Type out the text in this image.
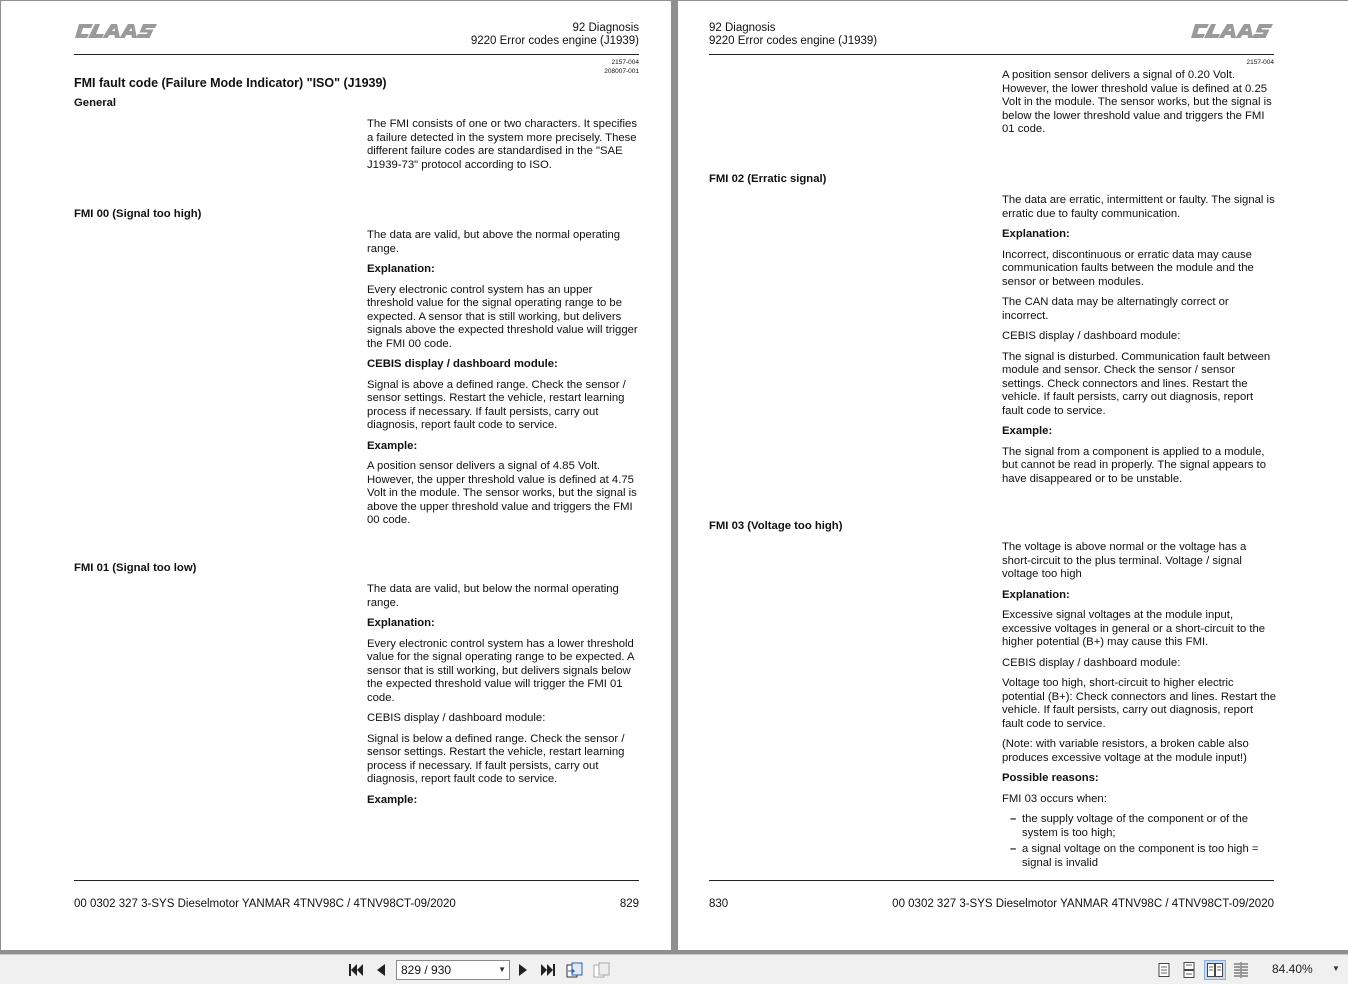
92 Diagnosis
9220 Error codes engine (J1939)
2157-004
208007-001
FMI fault code (Failure Mode Indicator) "ISO" (J1939)
General

The FMI consists of one or two characters. It specifies a failure detected in the system more precisely. These different failure codes are standardised in the "SAE J1939-73" protocol according to ISO.

FMI 00 (Signal too high)

The data are valid, but above the normal operating range.

Explanation:

Every electronic control system has an upper threshold value for the signal operating range to be expected. A sensor that is still working, but delivers signals above the expected threshold value will trigger the FMI 00 code.

CEBIS display / dashboard module:

Signal is above a defined range. Check the sensor / sensor settings. Restart the vehicle, restart learning process if necessary. If fault persists, carry out diagnosis, report fault code to service.

Example:

A position sensor delivers a signal of 4.85 Volt. However, the upper threshold value is defined at 4.75 Volt in the module. The sensor works, but the signal is above the upper threshold value and triggers the FMI 00 code.

FMI 01 (Signal too low)

The data are valid, but below the normal operating range.

Explanation:

Every electronic control system has a lower threshold value for the signal operating range to be expected. A sensor that is still working, but delivers signals below the expected threshold value will trigger the FMI 01 code.

CEBIS display / dashboard module:

Signal is below a defined range. Check the sensor / sensor settings. Restart the vehicle, restart learning process if necessary. If fault persists, carry out diagnosis, report fault code to service.

Example:

00 0302 327 3-SYS Dieselmotor YANMAR 4TNV98C / 4TNV98CT-09/2020	829
92 Diagnosis
9220 Error codes engine (J1939)
2157-004

A position sensor delivers a signal of 0.20 Volt. However, the lower threshold value is defined at 0.25 Volt in the module. The sensor works, but the signal is below the lower threshold value and triggers the FMI 01 code.

FMI 02 (Erratic signal)

The data are erratic, intermittent or faulty. The signal is erratic due to faulty communication.

Explanation:

Incorrect, discontinuous or erratic data may cause communication faults between the module and the sensor or between modules.

The CAN data may be alternatingly correct or incorrect.

CEBIS display / dashboard module:

The signal is disturbed. Communication fault between module and sensor. Check the sensor / sensor settings. Check connectors and lines. Restart the vehicle. If fault persists, carry out diagnosis, report fault code to service.

Example:

The signal from a component is applied to a module, but cannot be read in properly. The signal appears to have disappeared or to be unstable.

FMI 03 (Voltage too high)

The voltage is above normal or the voltage has a short-circuit to the plus terminal. Voltage / signal voltage too high

Explanation:

Excessive signal voltages at the module input, excessive voltages in general or a short-circuit to the higher potential (B+) may cause this FMI.

CEBIS display / dashboard module:

Voltage too high, short-circuit to higher electric potential (B+): Check connectors and lines. Restart the vehicle. If fault persists, carry out diagnosis, report fault code to service.

(Note: with variable resistors, a broken cable also produces excessive voltage at the module input!)

Possible reasons:

FMI 03 occurs when:

– the supply voltage of the component or of the system is too high;
– a signal voltage on the component is too high = signal is invalid
830	00 0302 327 3-SYS Dieselmotor YANMAR 4TNV98C / 4TNV98CT-09/2020
829 / 930	▼	84.40% ▼
